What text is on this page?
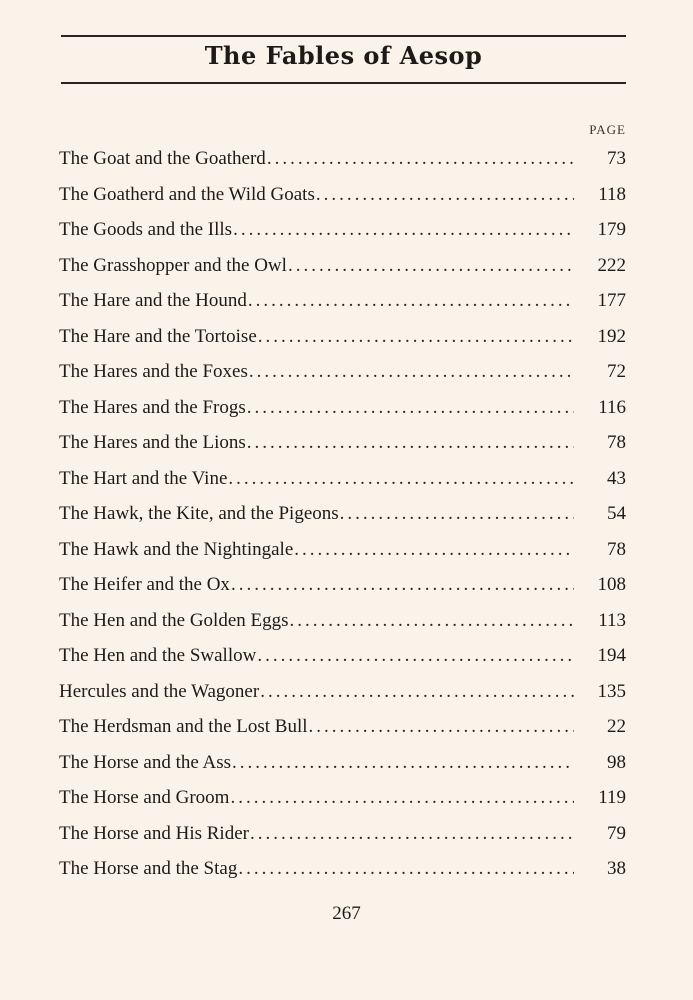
The Fables of Aesop
PAGE
The Goat and the Goatherd .....	73
The Goatherd and the Wild Goats .....	118
The Goods and the Ills .....	179
The Grasshopper and the Owl .....	222
The Hare and the Hound .....	177
The Hare and the Tortoise .....	192
The Hares and the Foxes .....	72
The Hares and the Frogs .....	116
The Hares and the Lions .....	78
The Hart and the Vine .....	43
The Hawk, the Kite, and the Pigeons .....	54
The Hawk and the Nightingale .....	78
The Heifer and the Ox .....	108
The Hen and the Golden Eggs .....	113
The Hen and the Swallow .....	194
Hercules and the Wagoner .....	135
The Herdsman and the Lost Bull .....	22
The Horse and the Ass .....	98
The Horse and Groom .....	119
The Horse and His Rider .....	79
The Horse and the Stag .....	38
267
